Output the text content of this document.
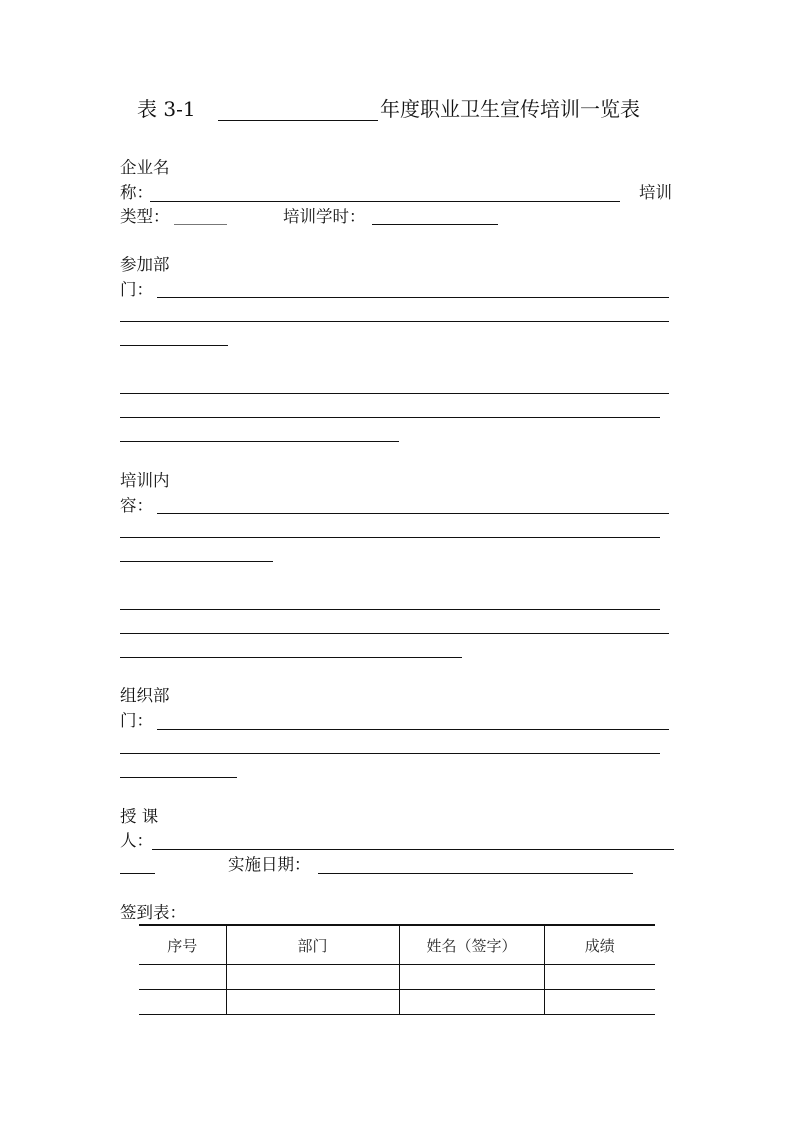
表 3-1	年度职业卫生宣传培训一览表
企业名
称：	培训
类型：	培训学时：
参加部
门：
培训内
容：
组织部
门：
授 课
人：
实施日期：
签到表：
序号	部门	姓名（签字）	成绩
